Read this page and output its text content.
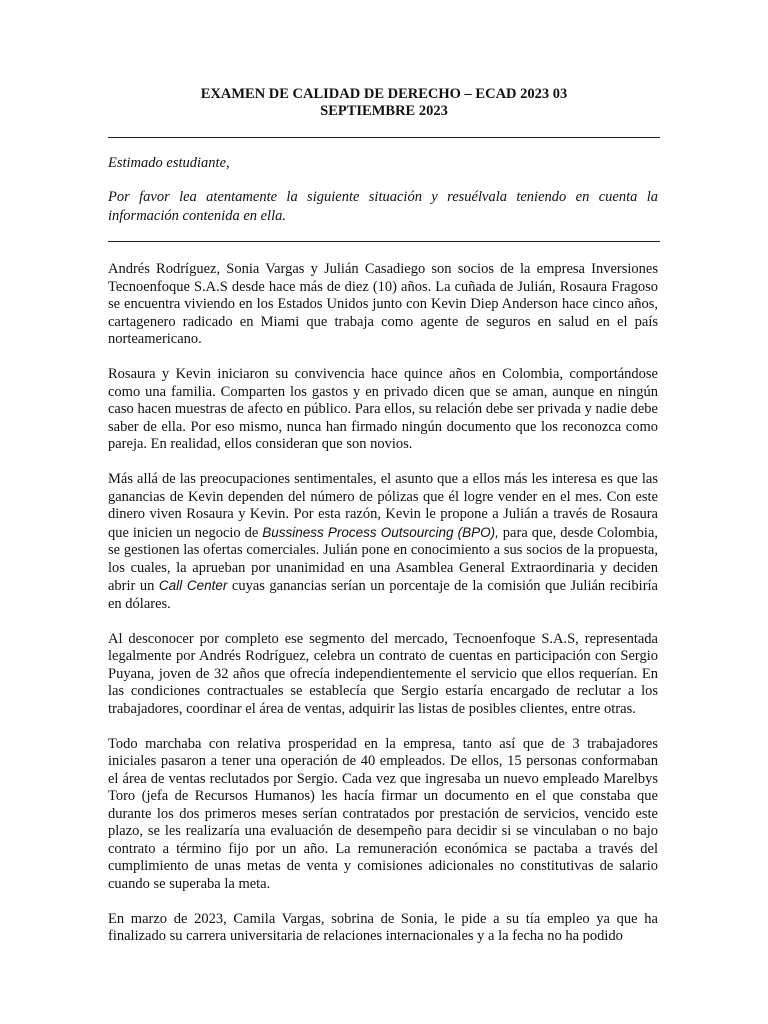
EXAMEN DE CALIDAD DE DERECHO – ECAD 2023 03
SEPTIEMBRE 2023
Estimado estudiante,
Por favor lea atentamente la siguiente situación y resuélvala teniendo en cuenta la información contenida en ella.

Andrés Rodríguez, Sonia Vargas y Julián Casadiego son socios de la empresa Inversiones Tecnoenfoque S.A.S desde hace más de diez (10) años. La cuñada de Julián, Rosaura Fragoso se encuentra viviendo en los Estados Unidos junto con Kevin Diep Anderson hace cinco años, cartagenero radicado en Miami que trabaja como agente de seguros en salud en el país norteamericano.

Rosaura y Kevin iniciaron su convivencia hace quince años en Colombia, comportándose como una familia. Comparten los gastos y en privado dicen que se aman, aunque en ningún caso hacen muestras de afecto en público. Para ellos, su relación debe ser privada y nadie debe saber de ella. Por eso mismo, nunca han firmado ningún documento que los reconozca como pareja. En realidad, ellos consideran que son novios.

Más allá de las preocupaciones sentimentales, el asunto que a ellos más les interesa es que las ganancias de Kevin dependen del número de pólizas que él logre vender en el mes. Con este dinero viven Rosaura y Kevin. Por esta razón, Kevin le propone a Julián a través de Rosaura que inicien un negocio de Bussiness Process Outsourcing (BPO), para que, desde Colombia, se gestionen las ofertas comerciales. Julián pone en conocimiento a sus socios de la propuesta, los cuales, la aprueban por unanimidad en una Asamblea General Extraordinaria y deciden abrir un Call Center cuyas ganancias serían un porcentaje de la comisión que Julián recibiría en dólares.

Al desconocer por completo ese segmento del mercado, Tecnoenfoque S.A.S, representada legalmente por Andrés Rodríguez, celebra un contrato de cuentas en participación con Sergio Puyana, joven de 32 años que ofrecía independientemente el servicio que ellos requerían. En las condiciones contractuales se establecía que Sergio estaría encargado de reclutar a los trabajadores, coordinar el área de ventas, adquirir las listas de posibles clientes, entre otras.

Todo marchaba con relativa prosperidad en la empresa, tanto así que de 3 trabajadores iniciales pasaron a tener una operación de 40 empleados. De ellos, 15 personas conformaban el área de ventas reclutados por Sergio. Cada vez que ingresaba un nuevo empleado Marelbys Toro (jefa de Recursos Humanos) les hacía firmar un documento en el que constaba que durante los dos primeros meses serían contratados por prestación de servicios, vencido este plazo, se les realizaría una evaluación de desempeño para decidir si se vinculaban o no bajo contrato a término fijo por un año. La remuneración económica se pactaba a través del cumplimiento de unas metas de venta y comisiones adicionales no constitutivas de salario cuando se superaba la meta.

En marzo de 2023, Camila Vargas, sobrina de Sonia, le pide a su tía empleo ya que ha finalizado su carrera universitaria de relaciones internacionales y a la fecha no ha podido
